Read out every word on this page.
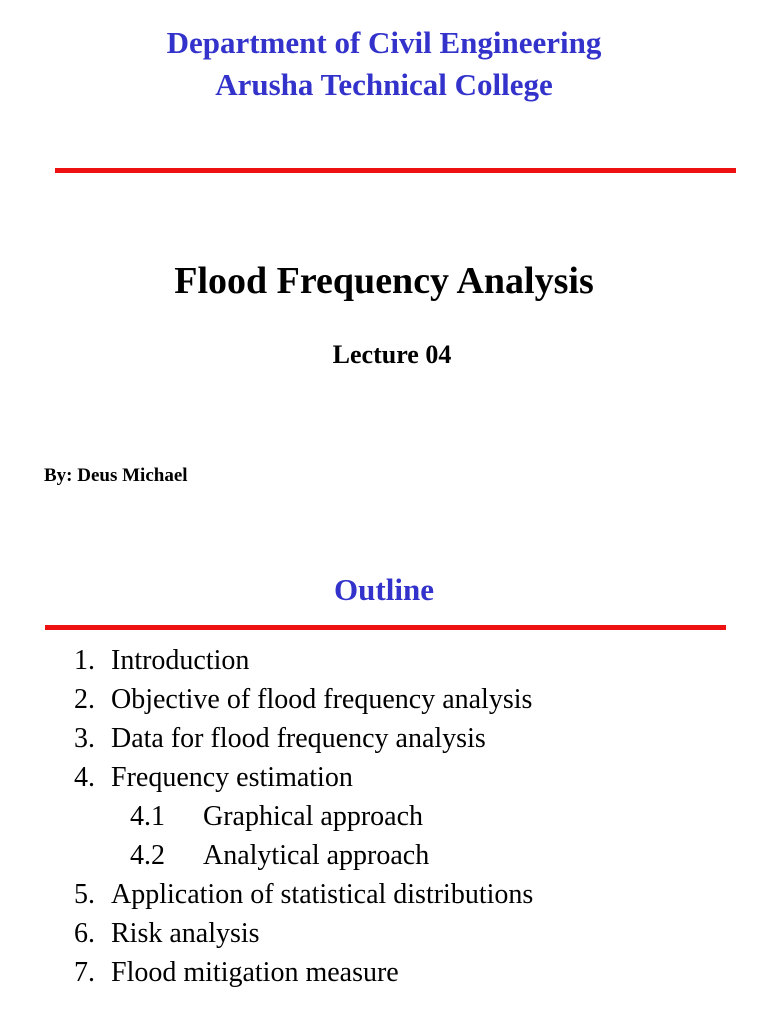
Department of Civil Engineering
Arusha Technical College
Flood Frequency Analysis
Lecture 04
By: Deus Michael
Outline
1. Introduction
2. Objective of flood frequency analysis
3. Data for flood frequency analysis
4. Frequency estimation
4.1 Graphical approach
4.2 Analytical approach
5. Application of statistical distributions
6. Risk analysis
7. Flood mitigation measure
